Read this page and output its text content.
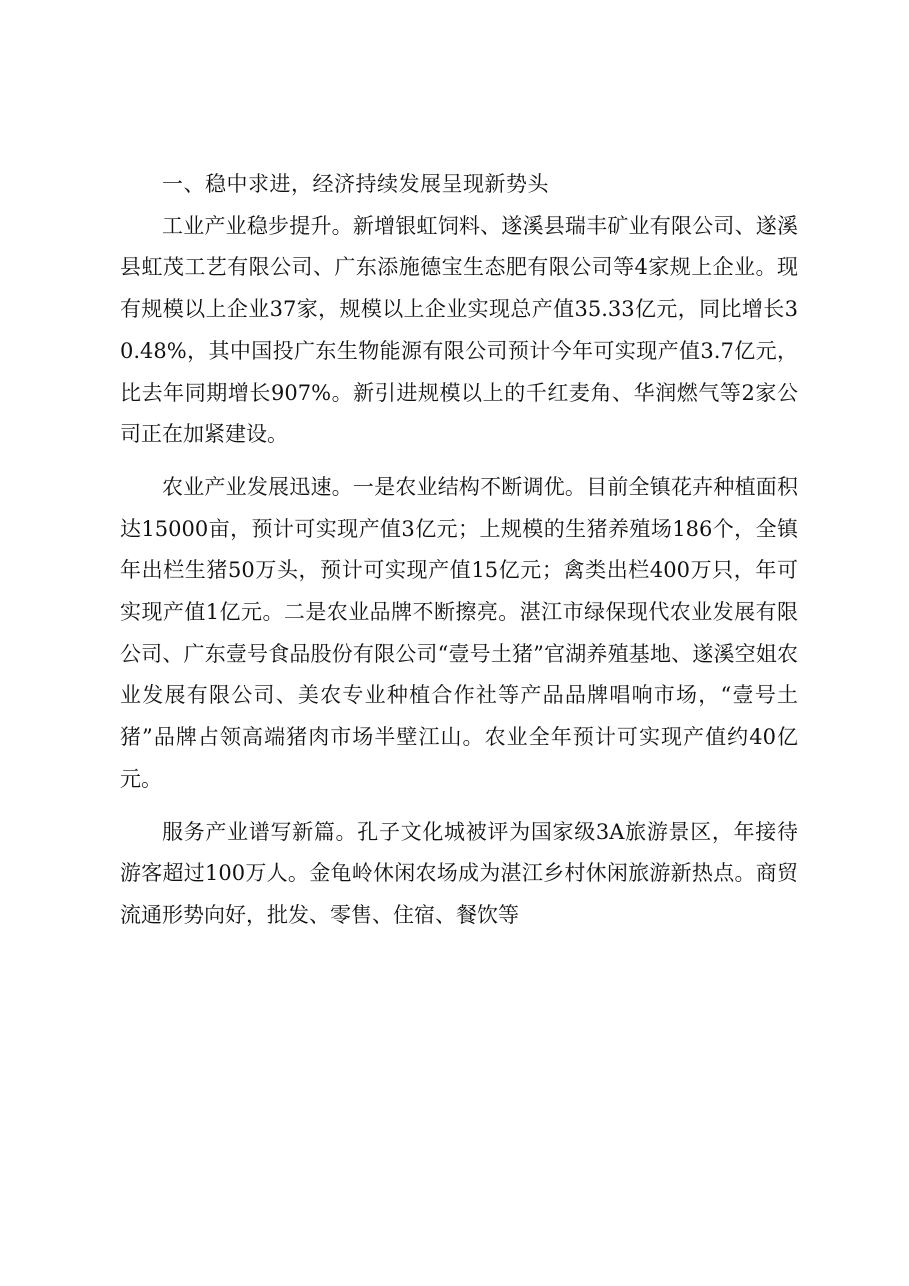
一、稳中求进，经济持续发展呈现新势头

工业产业稳步提升。新增银虹饲料、遂溪县瑞丰矿业有限公司、遂溪县虹茂工艺有限公司、广东添施德宝生态肥有限公司等4家规上企业。现有规模以上企业37家，规模以上企业实现总产值35.33亿元，同比增长30.48%，其中国投广东生物能源有限公司预计今年可实现产值3.7亿元，比去年同期增长907%。新引进规模以上的千红麦角、华润燃气等2家公司正在加紧建设。

农业产业发展迅速。一是农业结构不断调优。目前全镇花卉种植面积达15000亩，预计可实现产值3亿元；上规模的生猪养殖场186个，全镇年出栏生猪50万头，预计可实现产值15亿元；禽类出栏400万只，年可实现产值1亿元。二是农业品牌不断擦亮。湛江市绿保现代农业发展有限公司、广东壹号食品股份有限公司“壹号土猪”官湖养殖基地、遂溪空姐农业发展有限公司、美农专业种植合作社等产品品牌唱响市场，“壹号土猪”品牌占领高端猪肉市场半壁江山。农业全年预计可实现产值约40亿元。

服务产业谱写新篇。孔子文化城被评为国家级3A旅游景区，年接待游客超过100万人。金龟岭休闲农场成为湛江乡村休闲旅游新热点。商贸流通形势向好，批发、零售、住宿、餐饮等
